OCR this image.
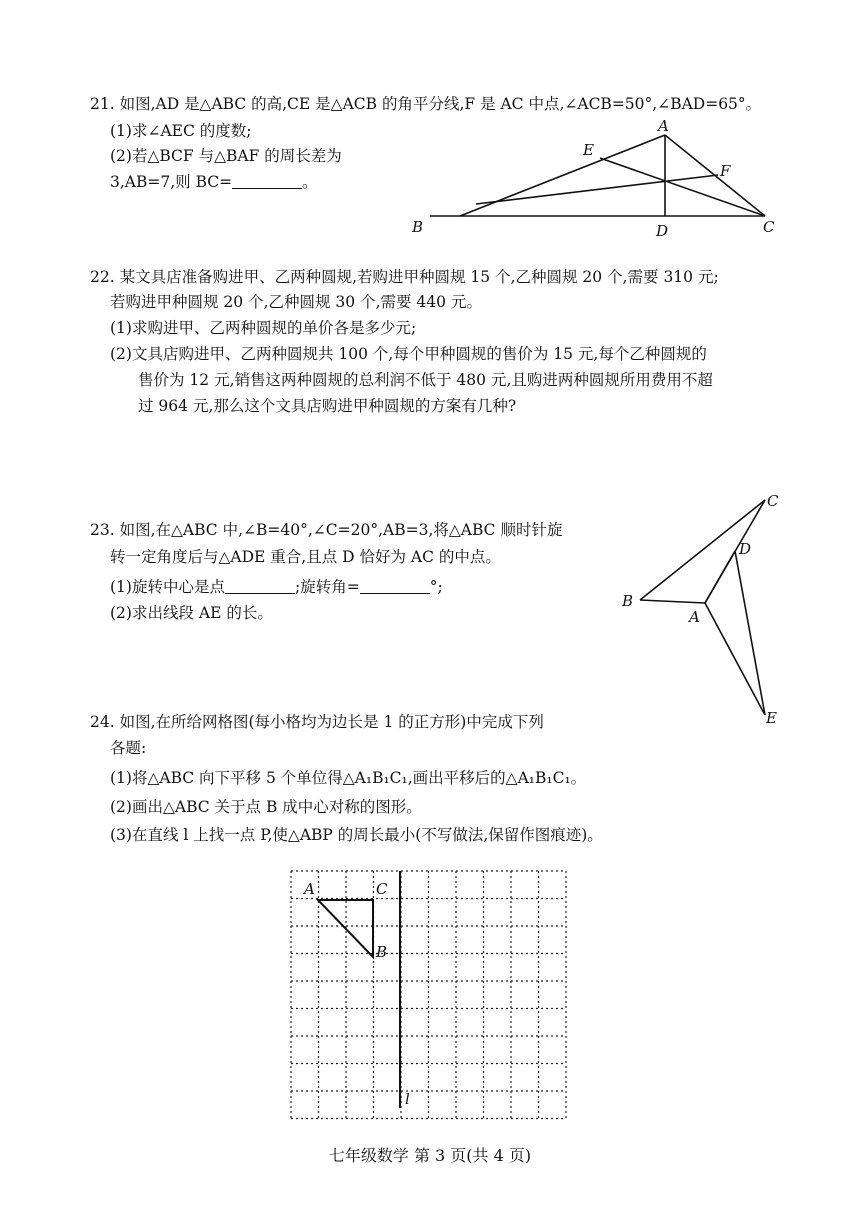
21. 如图,AD 是△ABC 的高,CE 是△ACB 的角平分线,F 是 AC 中点,∠ACB=50°,∠BAD=65°。
(1)求∠AEC 的度数;
(2)若△BCF 与△BAF 的周长差为
3,AB=7,则 BC=	。
A
E
F
B	D	C
22. 某文具店准备购进甲、乙两种圆规,若购进甲种圆规 15 个,乙种圆规 20 个,需要 310 元;
若购进甲种圆规 20 个,乙种圆规 30 个,需要 440 元。
(1)求购进甲、乙两种圆规的单价各是多少元;
(2)文具店购进甲、乙两种圆规共 100 个,每个甲种圆规的售价为 15 元,每个乙种圆规的
售价为 12 元,销售这两种圆规的总利润不低于 480 元,且购进两种圆规所用费用不超
过 964 元,那么这个文具店购进甲种圆规的方案有几种?
23. 如图,在△ABC 中,∠B=40°,∠C=20°,AB=3,将△ABC 顺时针旋
转一定角度后与△ADE 重合,且点 D 恰好为 AC 的中点。
(1)旋转中心是点	;旋转角=	°;
(2)求出线段 AE 的长。
C
D
B
A
E
24. 如图,在所给网格图(每小格均为边长是 1 的正方形)中完成下列
各题:
(1)将△ABC 向下平移 5 个单位得△A₁B₁C₁,画出平移后的△A₁B₁C₁。
(2)画出△ABC 关于点 B 成中心对称的图形。
(3)在直线 l 上找一点 P,使△ABP 的周长最小(不写做法,保留作图痕迹)。
A	C
B
l
七年级数学 第 3 页(共 4 页)
